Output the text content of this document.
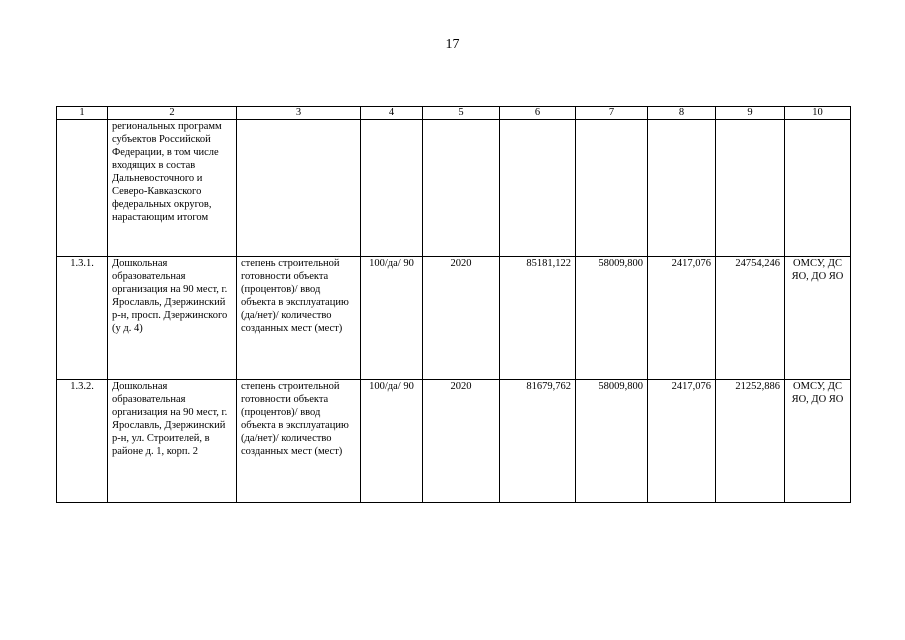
17
1	2	3	4	5	6	7	8	9	10
	региональных программ субъектов Российской Федерации, в том числе входящих в состав Дальневосточного и Северо-Кавказского федеральных округов, нарастающим итогом								
1.3.1.	Дошкольная образовательная организация на 90 мест, г. Ярославль, Дзержинский р-н, просп. Дзержинского (у д. 4)	степень строительной готовности объекта (процентов)/ ввод объекта в эксплуатацию (да/нет)/ количество созданных мест (мест)	100/да/ 90	2020	85181,122	58009,800	2417,076	24754,246	ОМСУ, ДС ЯО, ДО ЯО
1.3.2.	Дошкольная образовательная организация на 90 мест, г. Ярославль, Дзержинский р-н, ул. Строителей, в районе д. 1, корп. 2	степень строительной готовности объекта (процентов)/ ввод объекта в эксплуатацию (да/нет)/ количество созданных мест (мест)	100/да/ 90	2020	81679,762	58009,800	2417,076	21252,886	ОМСУ, ДС ЯО, ДО ЯО
